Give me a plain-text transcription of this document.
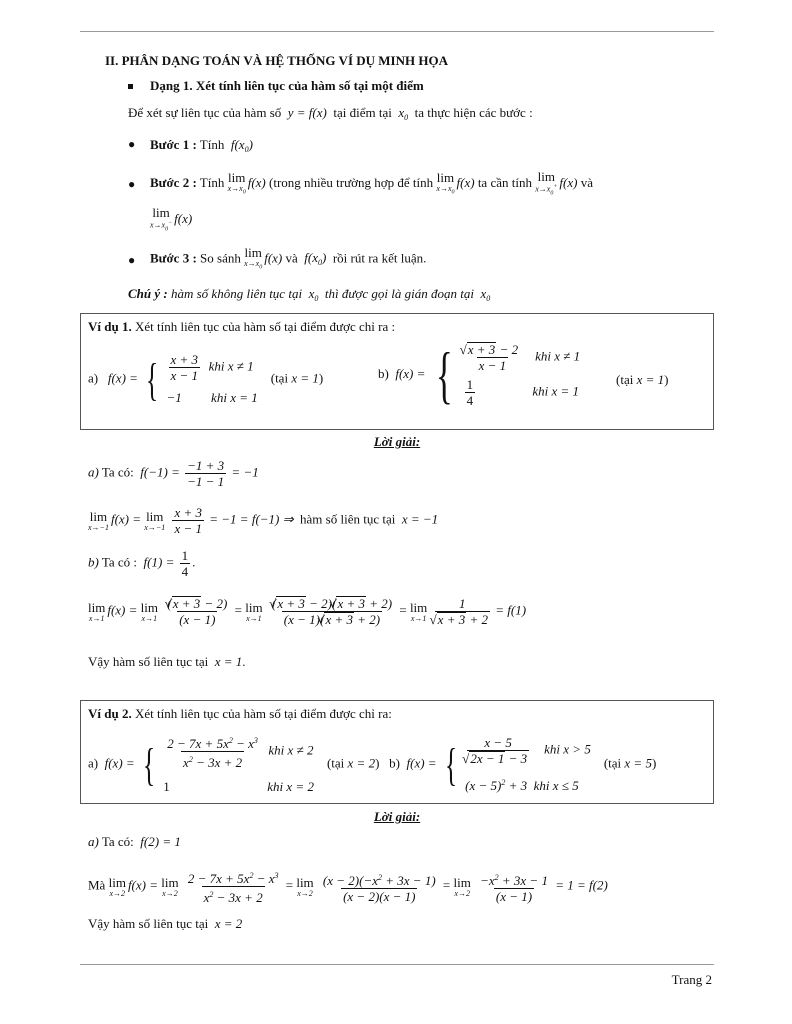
II. PHÂN DẠNG TOÁN VÀ HỆ THỐNG VÍ DỤ MINH HỌA
Dạng 1. Xét tính liên tục của hàm số tại một điểm
Để xét sự liên tục của hàm số  y = f(x)  tại điểm tại  $x_0$ ta thực hiện các bước :
● Bước 1 : Tính  $f(x_0)$
● Bước 2 : Tính lim
$x\to x_0$
f(x) (trong nhiều trường hợp để tính lim
$x\to x_0$
f(x) ta cần tính lim
$x\to x_0^+$ f(x) và
lim
$x\to x_0^-$ f(x)
● Bước 3 : So sánh lim
$x\to x_0$
f(x) và  $f(x_0)$  rồi rút ra kết luận.
Chú ý : hàm số không liên tục tại  $x_0$ thì được gọi là gián đoạn tại  $x_0$
Ví dụ 1. Xét tính liên tục của hàm số tại điểm được chỉ ra :
a)   f(x) = { $\frac{x + 3}{x - 1}$ khi x ≠ 1
−1 khi x = 1
(tại x = 1)	b)  f(x) = {
√ $\frac{x + 3 - 2}{x - 1}$ khi x ≠ 1
$\frac{1}{4}$	khi x = 1
(tại x = 1)
Lời giải:
a) Ta có:  $f(-1) = \frac{-1 + 3}{-1 - 1} = -1$
lim
x→−1
f(x) = lim
x→−1
$\frac{x + 3}{x - 1} = -1 = f(-1)$ ⇒  hàm số liên tục tại  x = −1
b) Ta có :  $f(1) = \frac{1}{4}$ .
lim
x→1
f(x) = lim
x→1
$\frac{(√ x + 3 - 2)}{(x - 1)} = \lim$
x→1
$\frac{(√ x + 3 - 2)(√ x + 3 + 2)}{(x - 1)(√ x + 3 + 2)} = \lim$
x→1
1
√ x + 3 + 2 = f(1)
Vậy hàm số liên tục tại  x = 1.
Ví dụ 2. Xét tính liên tục của hàm số tại điểm được chỉ ra:
a)  f(x) = { $\frac{2 - 7x + 5x^2 - x^3}{x^2 - 3x + 2}$ khi x ≠ 2
1	khi x = 2
(tại x = 2) b)  f(x) = { x − 5
√ 2x − 1 − 3 khi x > 5
$(x - 5)^2 + 3$ khi x ≤ 5
(tại x = 5)
Lời giải:
a) Ta có:  f(2) = 1
Mà lim
x→2
f(x) = lim
x→2
$\frac{2 - 7x + 5x^2 - x^3}{x^2 - 3x + 2} = \lim$
x→2
$\frac{(x - 2)(-x^2 + 3x - 1)}{(x - 2)(x - 1)} = \lim$
x→2
$\frac{-x^2 + 3x - 1}{(x - 1)} = 1 = f(2)$
Vậy hàm số liên tục tại  x = 2
Trang 2
